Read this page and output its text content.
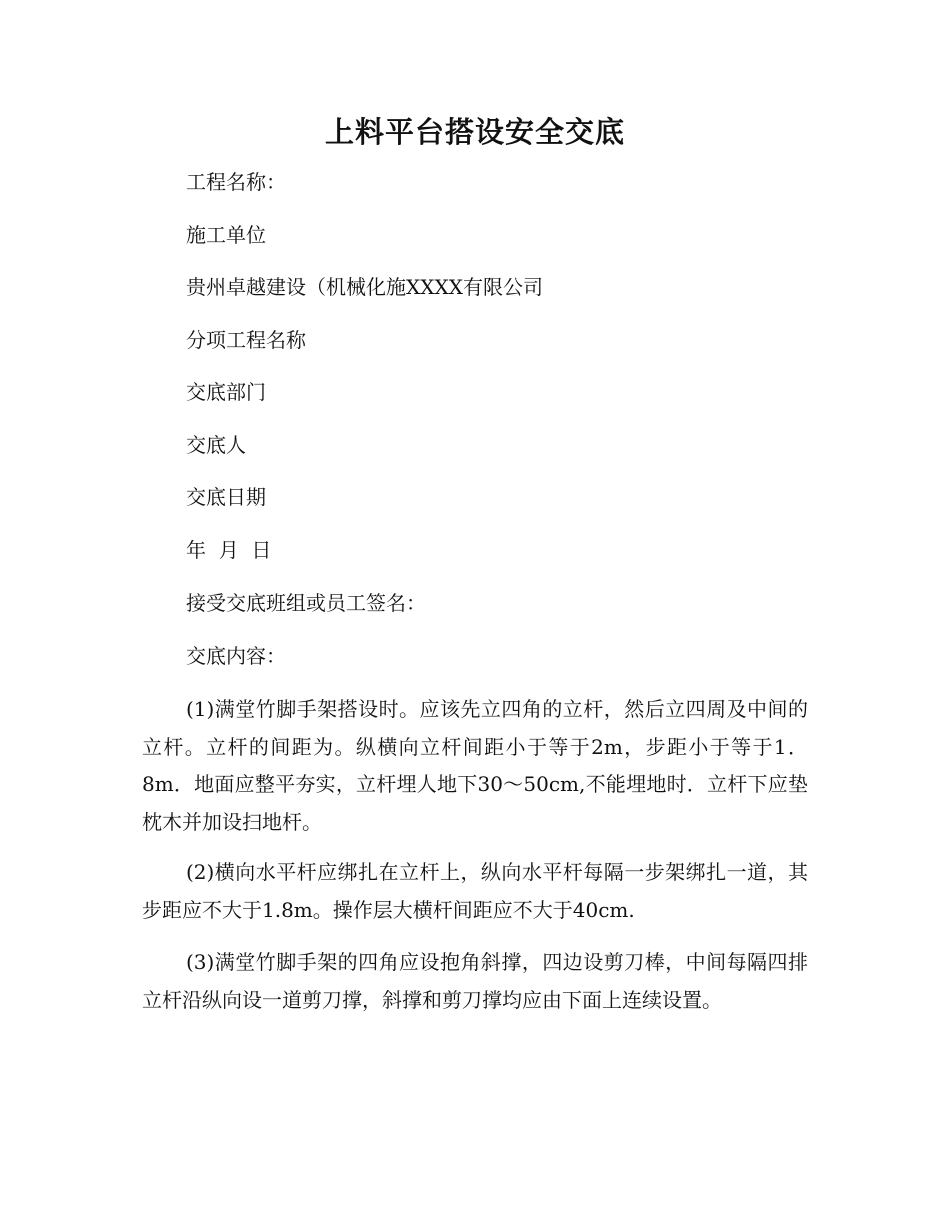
上料平台搭设安全交底

工程名称：

施工单位

贵州卓越建设（机械化施XXXX有限公司

分项工程名称

交底部门

交底人

交底日期

年  月  日

接受交底班组或员工签名：

交底内容：

(1)满堂竹脚手架搭设时。应该先立四角的立杆，然后立四周及中间的立杆。立杆的间距为。纵横向立杆间距小于等于2m，步距小于等于1．8m．地面应整平夯实，立杆埋人地下30～50cm,不能埋地时．立杆下应垫枕木并加设扫地杆。

(2)横向水平杆应绑扎在立杆上，纵向水平杆每隔一步架绑扎一道，其步距应不大于1.8m。操作层大横杆间距应不大于40cm.

(3)满堂竹脚手架的四角应设抱角斜撑，四边设剪刀棒，中间每隔四排立杆沿纵向设一道剪刀撑，斜撑和剪刀撑均应由下面上连续设置。
